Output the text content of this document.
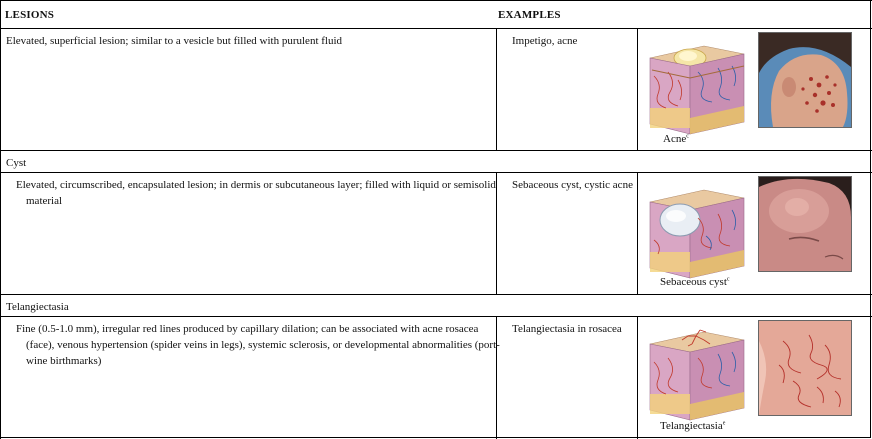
LESIONS	EXAMPLES
Elevated, superficial lesion; similar to a vesicle but filled with purulent fluid	Impetigo, acne
Acne$^c$
Cyst
Elevated, circumscribed, encapsulated lesion; in dermis or subcutaneous layer; filled with liquid or semisolid material
Sebaceous cyst, cystic acne
Sebaceous cyst$^c$
Telangiectasia
Fine (0.5-1.0 mm), irregular red lines produced by capillary dilation; can be associated with acne rosacea (face), venous hypertension (spider veins in legs), systemic sclerosis, or developmental abnormalities (port-wine birthmarks)
Telangiectasia in rosacea
Telangiectasia$^e$
